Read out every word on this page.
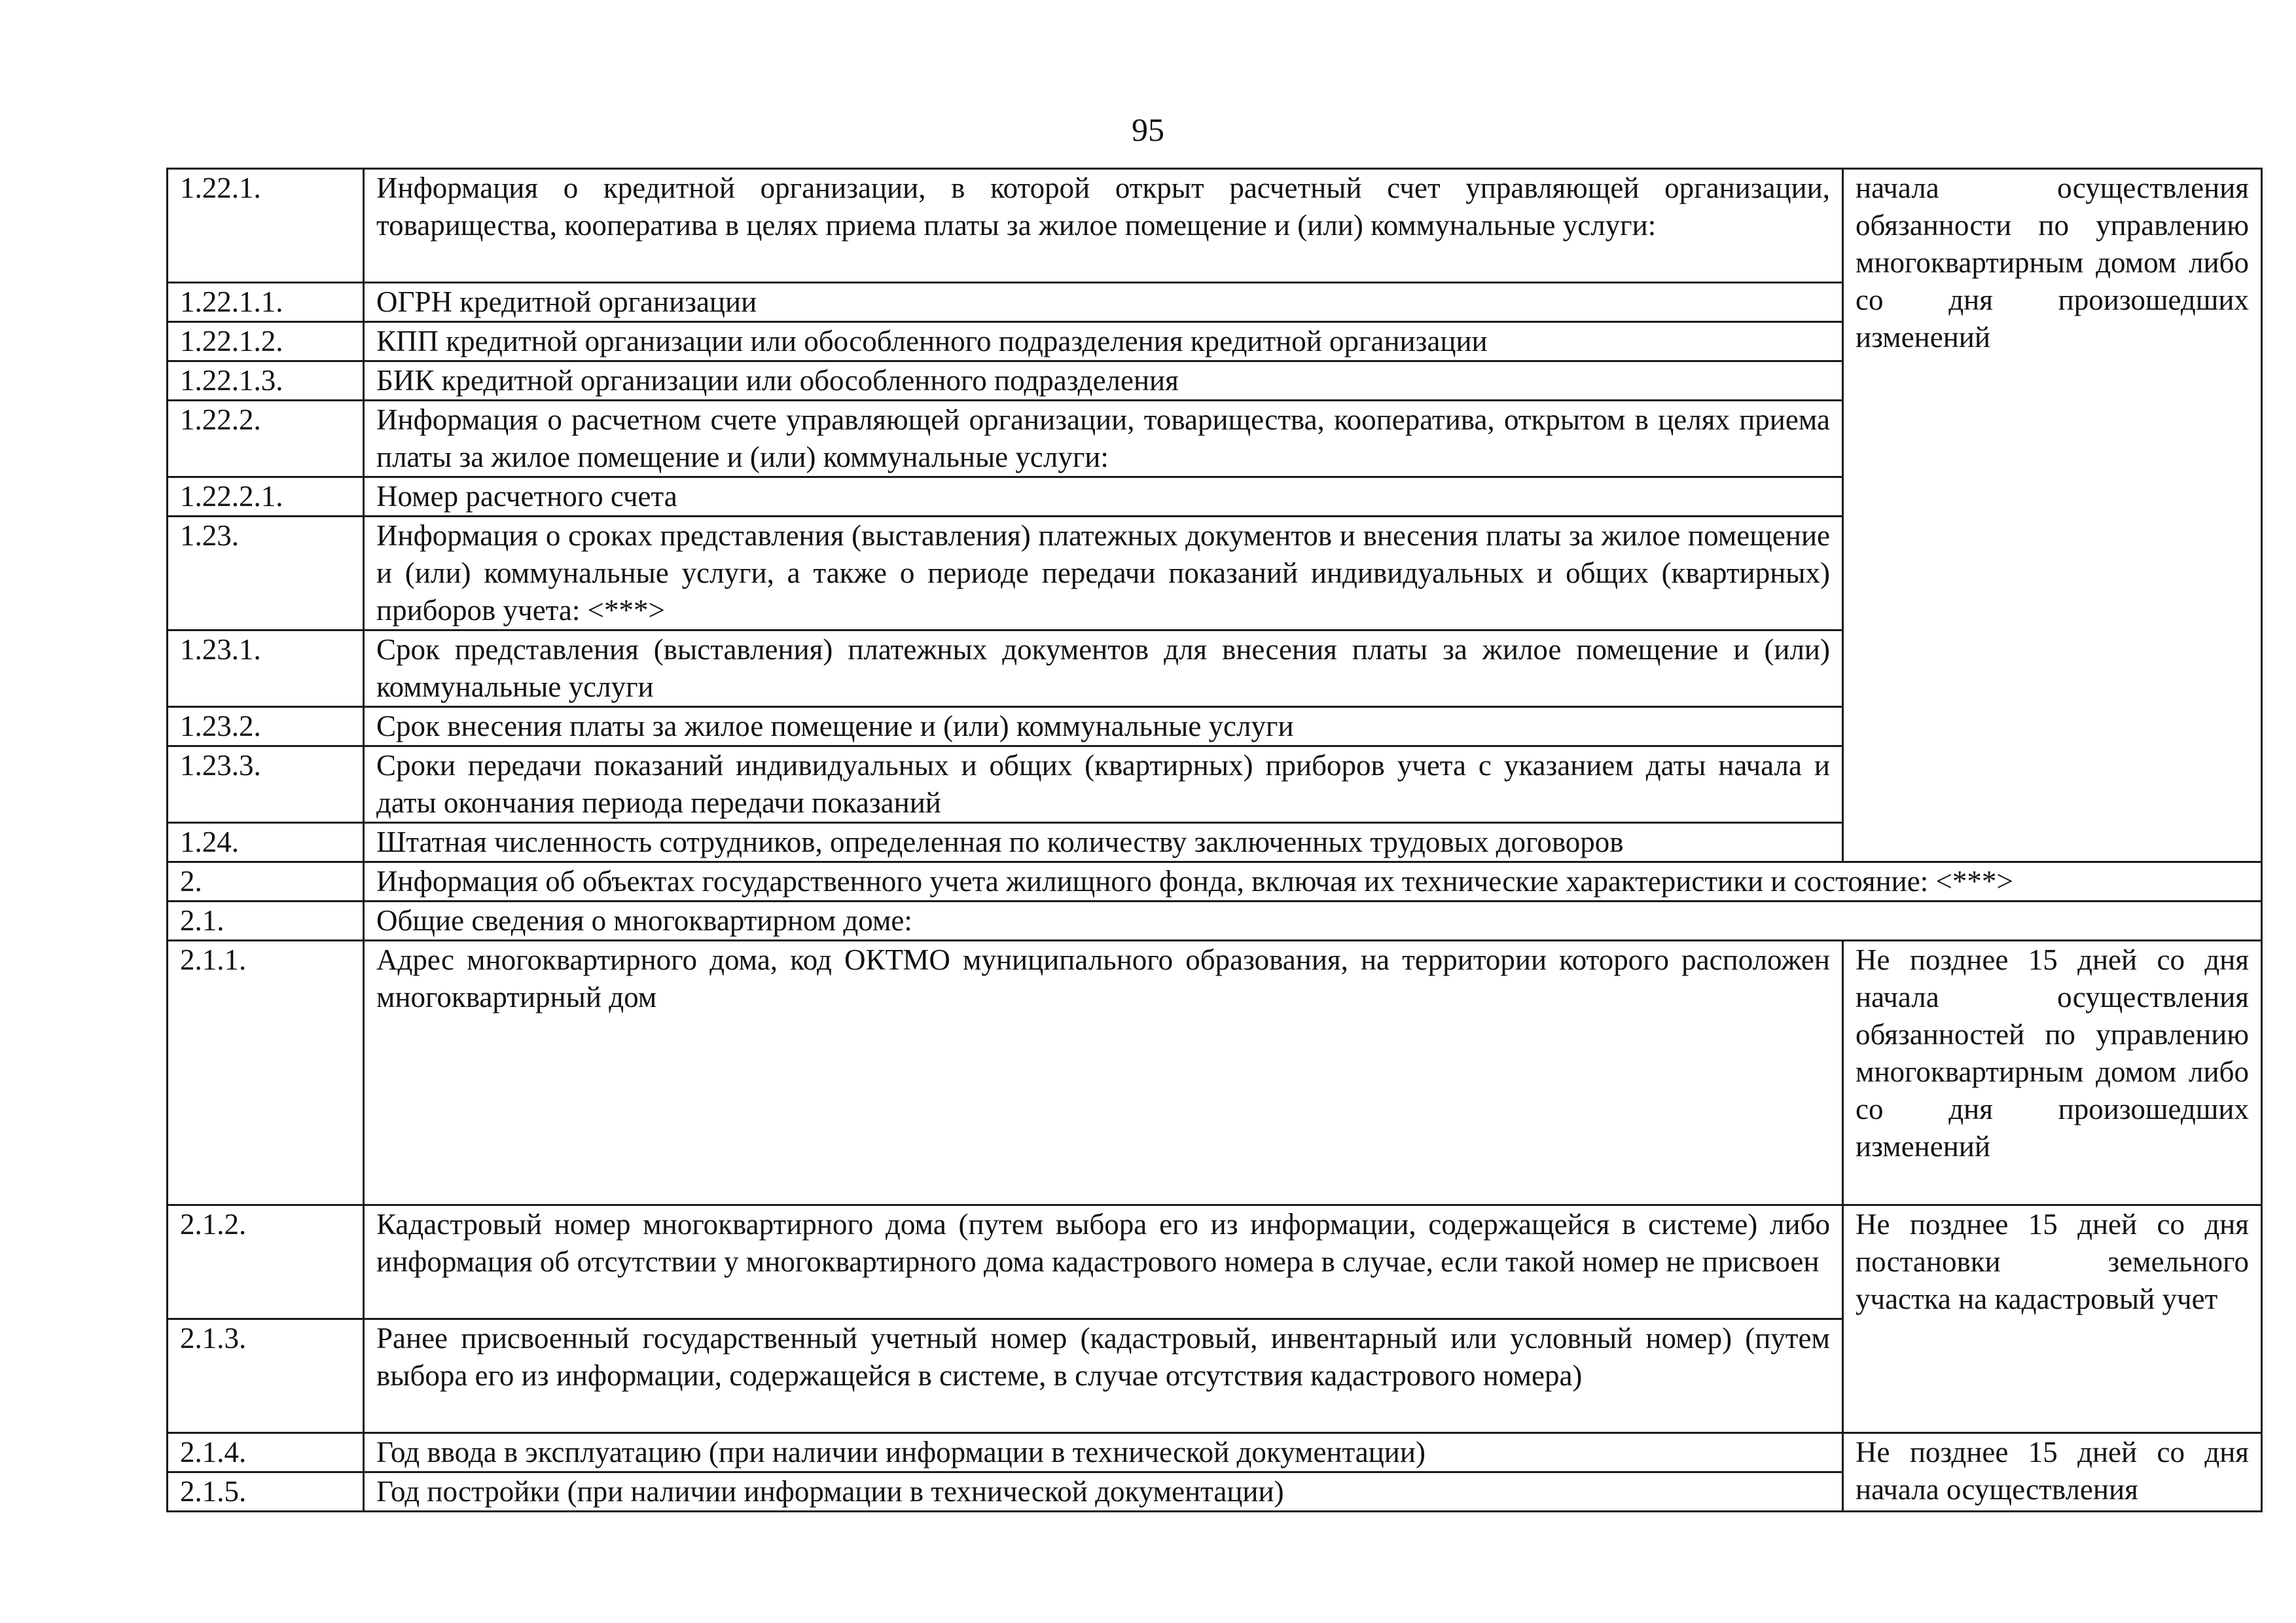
95
1.22.1.	Информация о кредитной организации, в которой открыт расчетный счет управляющей организации, товарищества, кооператива в целях приема платы за жилое помещение и (или) коммунальные услуги:	начала осуществления обязанности по управлению многоквартирным домом либо со дня произошедших изменений
1.22.1.1.	ОГРН кредитной организации	
1.22.1.2.	КПП кредитной организации или обособленного подразделения кредитной организации	
1.22.1.3.	БИК кредитной организации или обособленного подразделения	
1.22.2.	Информация о расчетном счете управляющей организации, товарищества, кооператива, открытом в целях приема платы за жилое помещение и (или) коммунальные услуги:	
1.22.2.1.	Номер расчетного счета	
1.23.	Информация о сроках представления (выставления) платежных документов и внесения платы за жилое помещение и (или) коммунальные услуги, а также о периоде передачи показаний индивидуальных и общих (квартирных) приборов учета: <***>	
1.23.1.	Срок представления (выставления) платежных документов для внесения платы за жилое помещение и (или) коммунальные услуги	
1.23.2.	Срок внесения платы за жилое помещение и (или) коммунальные услуги	
1.23.3.	Сроки передачи показаний индивидуальных и общих (квартирных) приборов учета с указанием даты начала и даты окончания периода передачи показаний	
1.24.	Штатная численность сотрудников, определенная по количеству заключенных трудовых договоров	
2.	Информация об объектах государственного учета жилищного фонда, включая их технические характеристики и состояние: <***>	
2.1.	Общие сведения о многоквартирном доме:	
2.1.1.	Адрес многоквартирного дома, код ОКТМО муниципального образования, на территории которого расположен многоквартирный дом	Не позднее 15 дней со дня начала осуществления обязанностей по управлению многоквартирным домом либо со дня произошедших изменений
2.1.2.	Кадастровый номер многоквартирного дома (путем выбора его из информации, содержащейся в системе) либо информация об отсутствии у многоквартирного дома кадастрового номера в случае, если такой номер не присвоен	Не позднее 15 дней со дня постановки земельного участка на кадастровый учет
2.1.3.	Ранее присвоенный государственный учетный номер (кадастровый, инвентарный или условный номер) (путем выбора его из информации, содержащейся в системе, в случае отсутствия кадастрового номера)	
2.1.4.	Год ввода в эксплуатацию (при наличии информации в технической документации)	Не позднее 15 дней со дня начала осуществления
2.1.5.	Год постройки (при наличии информации в технической документации)	
